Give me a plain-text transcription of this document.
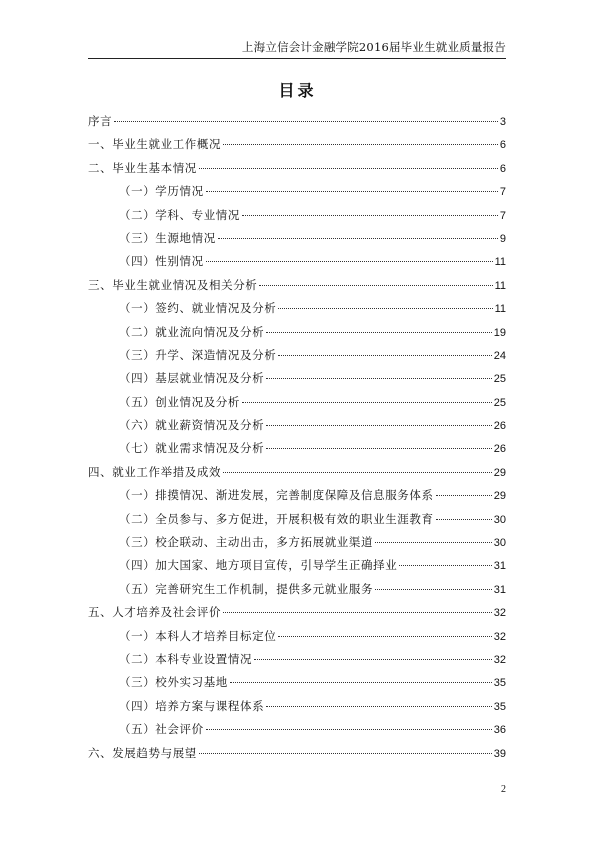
上海立信会计金融学院2016届毕业生就业质量报告
目录
序言	3
一、毕业生就业工作概况	6
二、毕业生基本情况	6
（一）学历情况	7
（二）学科、专业情况	7
（三）生源地情况	9
（四）性别情况	11
三、毕业生就业情况及相关分析	11
（一）签约、就业情况及分析	11
（二）就业流向情况及分析	19
（三）升学、深造情况及分析	24
（四）基层就业情况及分析	25
（五）创业情况及分析	25
（六）就业薪资情况及分析	26
（七）就业需求情况及分析	26
四、就业工作举措及成效	29
（一）排摸情况、渐进发展，完善制度保障及信息服务体系	29
（二）全员参与、多方促进，开展积极有效的职业生涯教育	30
（三）校企联动、主动出击，多方拓展就业渠道	30
（四）加大国家、地方项目宣传，引导学生正确择业	31
（五）完善研究生工作机制，提供多元就业服务	31
五、人才培养及社会评价	32
（一）本科人才培养目标定位	32
（二）本科专业设置情况	32
（三）校外实习基地	35
（四）培养方案与课程体系	35
（五）社会评价	36
六、发展趋势与展望	39
2
